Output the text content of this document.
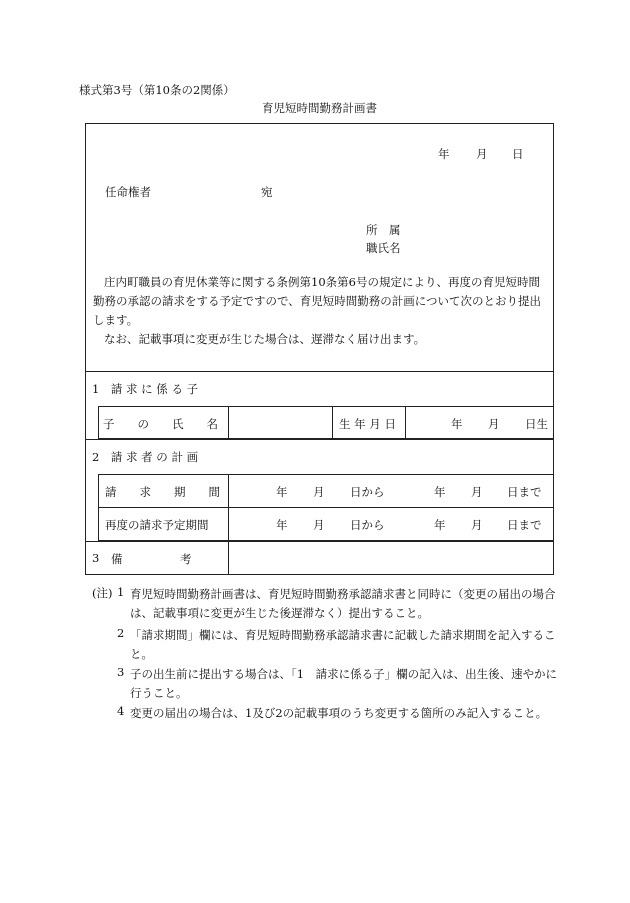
様式第3号（第10条の2関係）
育児短時間勤務計画書
年 月 日
任命権者	宛
所　属
職氏名
庄内町職員の育児休業等に関する条例第10条第6号の規定により、再度の育児短時間勤務の承認の請求をする予定ですので、育児短時間勤務の計画について次のとおり提出します。
なお、記載事項に変更が生じた場合は、遅滞なく届け出ます。
1　請 求 に 係 る 子
子　　の　　氏　　名	生 年 月 日	年 月 日生
2　請 求 者 の 計 画
請　　求　　期　　間	年 月 日から	年 月 日まで
再度の請求予定期間	年 月 日から	年 月 日まで
3 備　　　　　考
(注) 1 育児短時間勤務計画書は、育児短時間勤務承認請求書と同時に（変更の届出の場合は、記載事項に変更が生じた後遅滞なく）提出すること。
2 「請求期間」欄には、育児短時間勤務承認請求書に記載した請求期間を記入すること。
3 子の出生前に提出する場合は、「1　請求に係る子」欄の記入は、出生後、速やかに行うこと。
4 変更の届出の場合は、1及び2の記載事項のうち変更する箇所のみ記入すること。
